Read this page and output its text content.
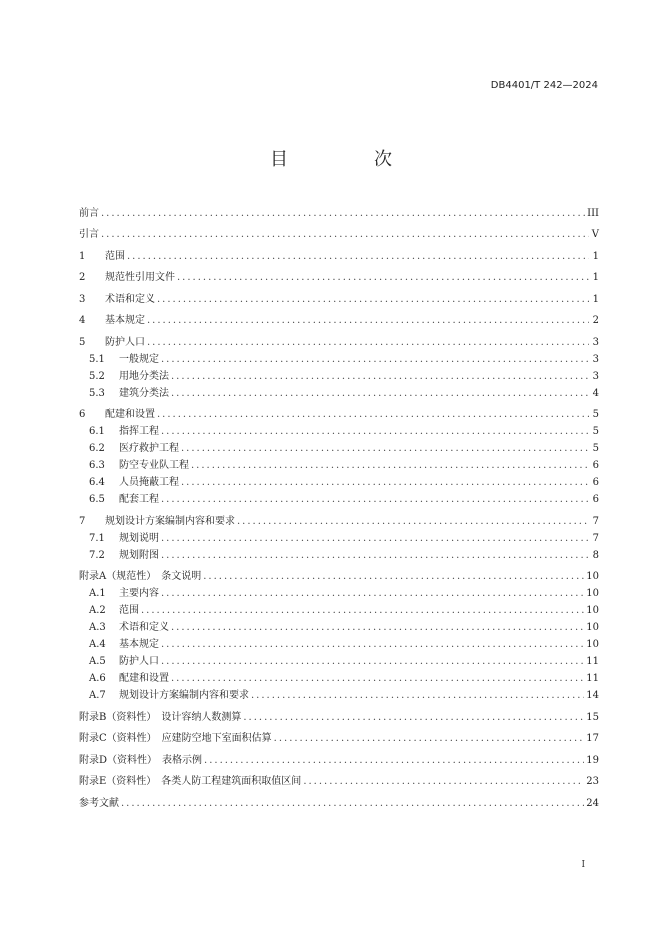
DB4401/T 242—2024
目　次
前言 .....	III
引言 .....	V
1	范围 .....	1
2	规范性引用文件 .....	1
3	术语和定义 .....	1
4	基本规定 .....	2
5	防护人口 .....	3
5.1	一般规定 .....	3
5.2	用地分类法 .....	3
5.3	建筑分类法 .....	4
6	配建和设置 .....	5
6.1	指挥工程 .....	5
6.2	医疗救护工程 .....	5
6.3	防空专业队工程 .....	6
6.4	人员掩蔽工程 .....	6
6.5	配套工程 .....	6
7	规划设计方案编制内容和要求 .....	7
7.1	规划说明 .....	7
7.2	规划附图 .....	8
附录A（规范性）　条文说明 .....	10
A.1	主要内容 .....	10
A.2	范围 .....	10
A.3	术语和定义 .....	10
A.4	基本规定 .....	10
A.5	防护人口 .....	11
A.6	配建和设置 .....	11
A.7	规划设计方案编制内容和要求 .....	14
附录B（资料性）　设计容纳人数测算 .....	15
附录C（资料性）　应建防空地下室面积估算 .....	17
附录D（资料性）　表格示例 .....	19
附录E（资料性）　各类人防工程建筑面积取值区间 .....	23
参考文献 .....	24
I
